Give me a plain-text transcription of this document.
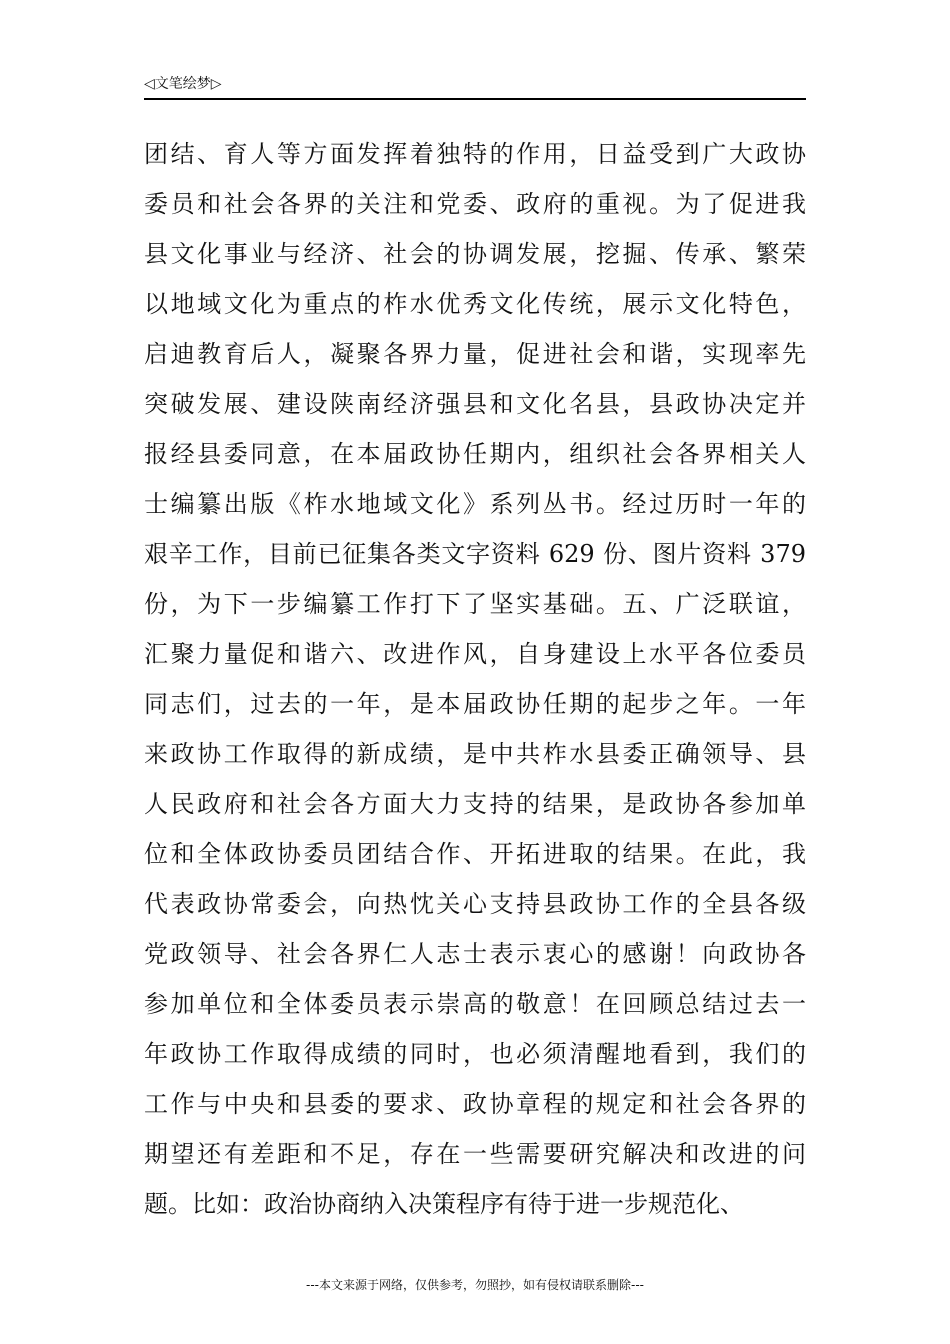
◁文笔绘梦▷
团结、育人等方面发挥着独特的作用，日益受到广大政协
委员和社会各界的关注和党委、政府的重视。为了促进我
县文化事业与经济、社会的协调发展，挖掘、传承、繁荣
以地域文化为重点的柞水优秀文化传统，展示文化特色，
启迪教育后人，凝聚各界力量，促进社会和谐，实现率先
突破发展、建设陕南经济强县和文化名县，县政协决定并
报经县委同意，在本届政协任期内，组织社会各界相关人
士编纂出版《柞水地域文化》系列丛书。经过历时一年的
艰辛工作，目前已征集各类文字资料 629 份、图片资料 379
份，为下一步编纂工作打下了坚实基础。五、广泛联谊，
汇聚力量促和谐六、改进作风，自身建设上水平各位委员
同志们，过去的一年，是本届政协任期的起步之年。一年
来政协工作取得的新成绩，是中共柞水县委正确领导、县
人民政府和社会各方面大力支持的结果，是政协各参加单
位和全体政协委员团结合作、开拓进取的结果。在此，我
代表政协常委会，向热忱关心支持县政协工作的全县各级
党政领导、社会各界仁人志士表示衷心的感谢！向政协各
参加单位和全体委员表示崇高的敬意！在回顾总结过去一
年政协工作取得成绩的同时，也必须清醒地看到，我们的
工作与中央和县委的要求、政协章程的规定和社会各界的
期望还有差距和不足，存在一些需要研究解决和改进的问
题。比如：政治协商纳入决策程序有待于进一步规范化、
---本文来源于网络，仅供参考，勿照抄，如有侵权请联系删除---
